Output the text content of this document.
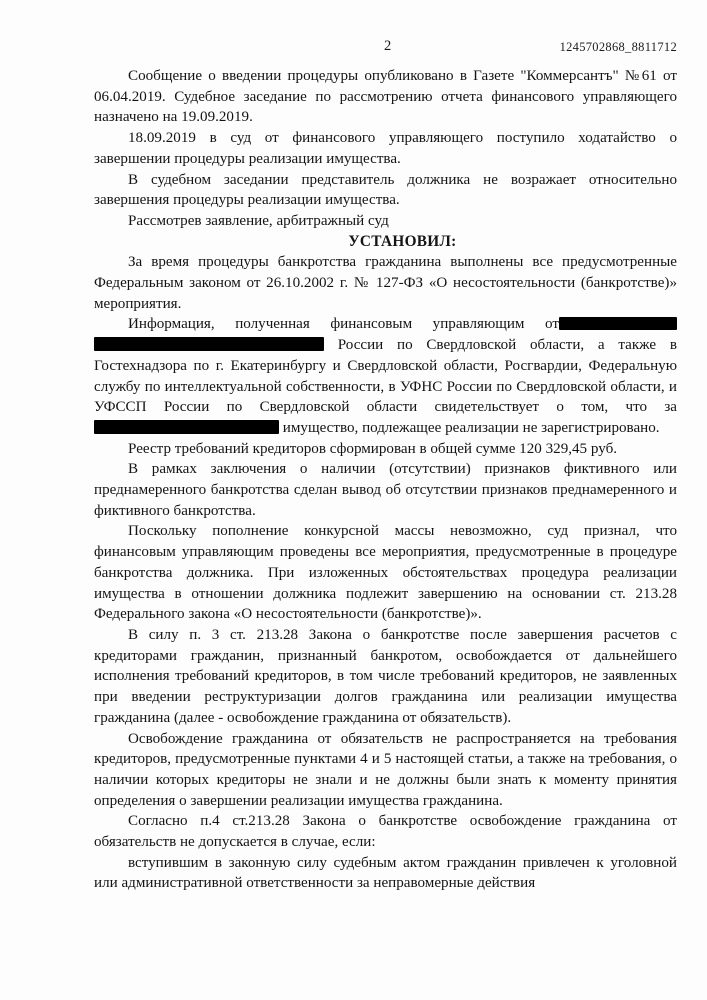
2	1245702868_8811712

Сообщение о введении процедуры опубликовано в Газете "Коммерсантъ" №61 от 06.04.2019. Судебное заседание по рассмотрению отчета финансового управляющего назначено на 19.09.2019.

18.09.2019 в суд от финансового управляющего поступило ходатайство о завершении процедуры реализации имущества.

В судебном заседании представитель должника не возражает относительно завершения процедуры реализации имущества.

Рассмотрев заявление, арбитражный суд

УСТАНОВИЛ:

За время процедуры банкротства гражданина выполнены все предусмотренные Федеральным законом от 26.10.2002 г. № 127-ФЗ «О несостоятельности (банкротстве)» мероприятия.

Информация, полученная финансовым управляющим от России по Свердловской области, а также в Гостехнадзора по г. Екатеринбургу и Свердловской области, Росгвардии, Федеральную службу по интеллектуальной собственности, в УФНС России по Свердловской области, и УФССП России по Свердловской области свидетельствует о том, что за  имущество, подлежащее реализации не зарегистрировано.

Реестр требований кредиторов сформирован в общей сумме 120 329,45 руб.

В рамках заключения о наличии (отсутствии) признаков фиктивного или преднамеренного банкротства сделан вывод об отсутствии признаков преднамеренного и фиктивного банкротства.

Поскольку пополнение конкурсной массы невозможно, суд признал, что финансовым управляющим проведены все мероприятия, предусмотренные в процедуре банкротства должника. При изложенных обстоятельствах процедура реализации имущества в отношении должника подлежит завершению на основании ст. 213.28 Федерального закона «О несостоятельности (банкротстве)».

В силу п. 3 ст. 213.28 Закона о банкротстве после завершения расчетов с кредиторами гражданин, признанный банкротом, освобождается от дальнейшего исполнения требований кредиторов, в том числе требований кредиторов, не заявленных при введении реструктуризации долгов гражданина или реализации имущества гражданина (далее - освобождение гражданина от обязательств).

Освобождение гражданина от обязательств не распространяется на требования кредиторов, предусмотренные пунктами 4 и 5 настоящей статьи, а также на требования, о наличии которых кредиторы не знали и не должны были знать к моменту принятия определения о завершении реализации имущества гражданина.

Согласно п.4 ст.213.28 Закона о банкротстве освобождение гражданина от обязательств не допускается в случае, если:

вступившим в законную силу судебным актом гражданин привлечен к уголовной или административной ответственности за неправомерные действия
